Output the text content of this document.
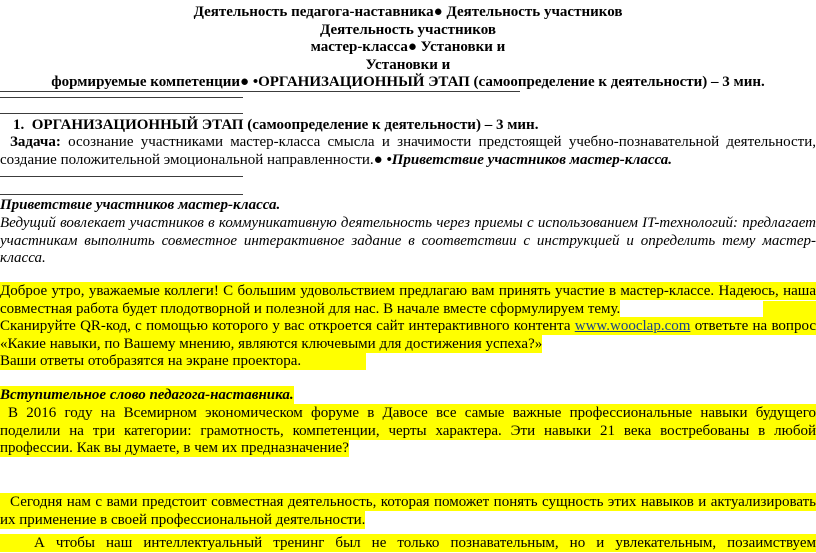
Деятельность педагога-наставника● Деятельность участников
Деятельность участников
мастер-класса● Установки и
Установки и
формируемые компетенции● •ОРГАНИЗАЦИОННЫЙ ЭТАП (самоопределение к деятельности) – 3 мин.

1. ОРГАНИЗАЦИОННЫЙ ЭТАП (самоопределение к деятельности) – 3 мин.

Задача: осознание участниками мастер-класса смысла и значимости предстоящей учебно-познавательной деятельности, создание положительной эмоциональной направленности.● •Приветствие участников мастер-класса.

Приветствие участников мастер-класса.

Ведущий вовлекает участников в коммуникативную деятельность через приемы с использованием IT-технологий: предлагает участникам выполнить совместное интерактивное задание в соответствии с инструкцией и определить тему мастер-класса.

Доброе утро, уважаемые коллеги! С большим удовольствием предлагаю вам принять участие в мастер-классе. Надеюсь, наша совместная работа будет плодотворной и полезной для нас. В начале вместе сформулируем тему.

Сканируйте QR-код, с помощью которого у вас откроется сайт интерактивного контента www.wooclap.com ответьте на вопрос «Какие навыки, по Вашему мнению, являются ключевыми для достижения успеха?»

Ваши ответы отобразятся на экране проектора.

Вступительное слово педагога-наставника.

В 2016 году на Всемирном экономическом форуме в Давосе все самые важные профессиональные навыки будущего поделили на три категории: грамотность, компетенции, черты характера. Эти навыки 21 века востребованы в любой профессии. Как вы думаете, в чем их предназначение?

Сегодня нам с вами предстоит совместная деятельность, которая поможет понять сущность этих навыков и актуализировать их применение в своей профессиональной деятельности.

А чтобы наш интеллектуальный тренинг был не только познавательным, но и увлекательным, позаимствуем
